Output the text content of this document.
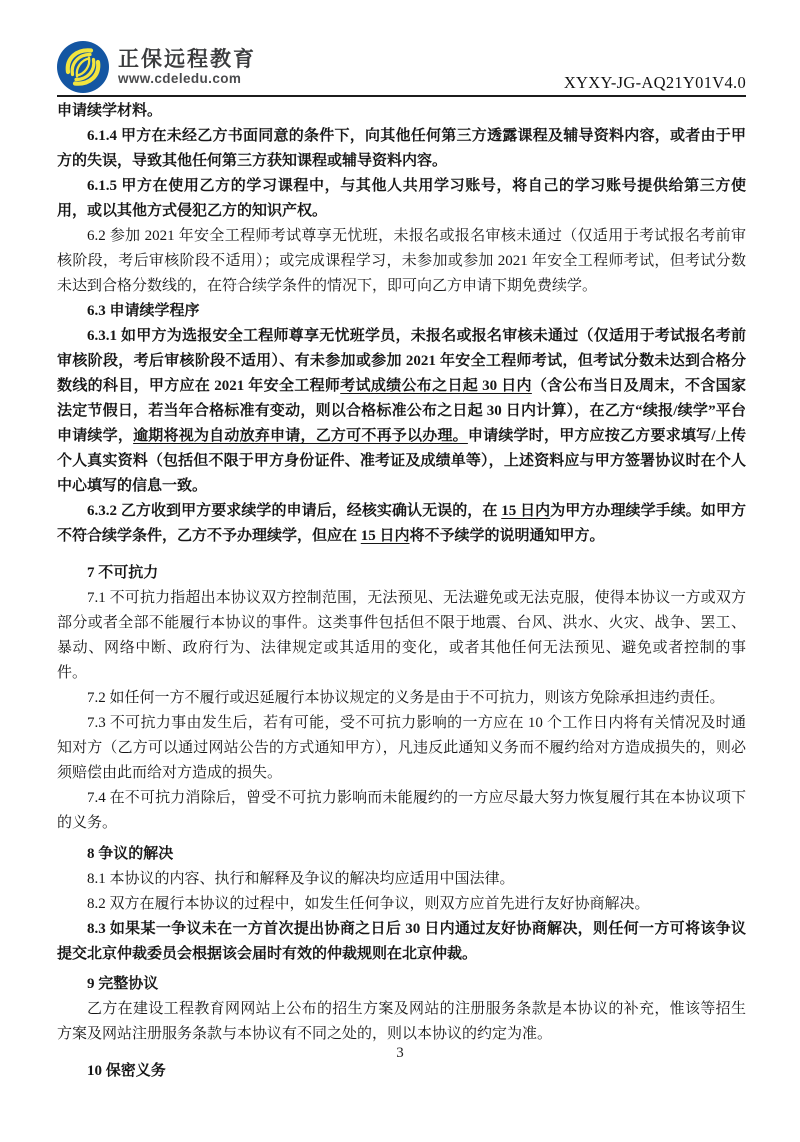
正保远程教育
www.cdeledu.com	XYXY-JG-AQ21Y01V4.0

申请续学材料。

6.1.4 甲方在未经乙方书面同意的条件下，向其他任何第三方透露课程及辅导资料内容，或者由于甲方的失误，导致其他任何第三方获知课程或辅导资料内容。

6.1.5 甲方在使用乙方的学习课程中，与其他人共用学习账号，将自己的学习账号提供给第三方使用，或以其他方式侵犯乙方的知识产权。

6.2 参加 2021 年安全工程师考试尊享无忧班，未报名或报名审核未通过（仅适用于考试报名考前审核阶段，考后审核阶段不适用）；或完成课程学习，未参加或参加 2021 年安全工程师考试，但考试分数未达到合格分数线的，在符合续学条件的情况下，即可向乙方申请下期免费续学。

6.3 申请续学程序

6.3.1 如甲方为选报安全工程师尊享无忧班学员，未报名或报名审核未通过（仅适用于考试报名考前审核阶段，考后审核阶段不适用）、有未参加或参加 2021 年安全工程师考试，但考试分数未达到合格分数线的科目，甲方应在 2021 年安全工程师考试成绩公布之日起 30 日内（含公布当日及周末，不含国家法定节假日，若当年合格标准有变动，则以合格标准公布之日起 30 日内计算），在乙方“续报/续学”平台申请续学，逾期将视为自动放弃申请，乙方可不再予以办理。申请续学时，甲方应按乙方要求填写/上传个人真实资料（包括但不限于甲方身份证件、准考证及成绩单等），上述资料应与甲方签署协议时在个人中心填写的信息一致。

6.3.2 乙方收到甲方要求续学的申请后，经核实确认无误的，在 15 日内为甲方办理续学手续。如甲方不符合续学条件，乙方不予办理续学，但应在 15 日内将不予续学的说明通知甲方。

7 不可抗力

7.1 不可抗力指超出本协议双方控制范围，无法预见、无法避免或无法克服，使得本协议一方或双方部分或者全部不能履行本协议的事件。这类事件包括但不限于地震、台风、洪水、火灾、战争、罢工、暴动、网络中断、政府行为、法律规定或其适用的变化，或者其他任何无法预见、避免或者控制的事件。

7.2 如任何一方不履行或迟延履行本协议规定的义务是由于不可抗力，则该方免除承担违约责任。

7.3 不可抗力事由发生后，若有可能，受不可抗力影响的一方应在 10 个工作日内将有关情况及时通知对方（乙方可以通过网站公告的方式通知甲方），凡违反此通知义务而不履约给对方造成损失的，则必须赔偿由此而给对方造成的损失。

7.4 在不可抗力消除后，曾受不可抗力影响而未能履约的一方应尽最大努力恢复履行其在本协议项下的义务。

8 争议的解决

8.1 本协议的内容、执行和解释及争议的解决均应适用中国法律。

8.2 双方在履行本协议的过程中，如发生任何争议，则双方应首先进行友好协商解决。

8.3 如果某一争议未在一方首次提出协商之日后 30 日内通过友好协商解决，则任何一方可将该争议提交北京仲裁委员会根据该会届时有效的仲裁规则在北京仲裁。

9 完整协议

乙方在建设工程教育网网站上公布的招生方案及网站的注册服务条款是本协议的补充，惟该等招生方案及网站注册服务条款与本协议有不同之处的，则以本协议的约定为准。

10 保密义务

3
